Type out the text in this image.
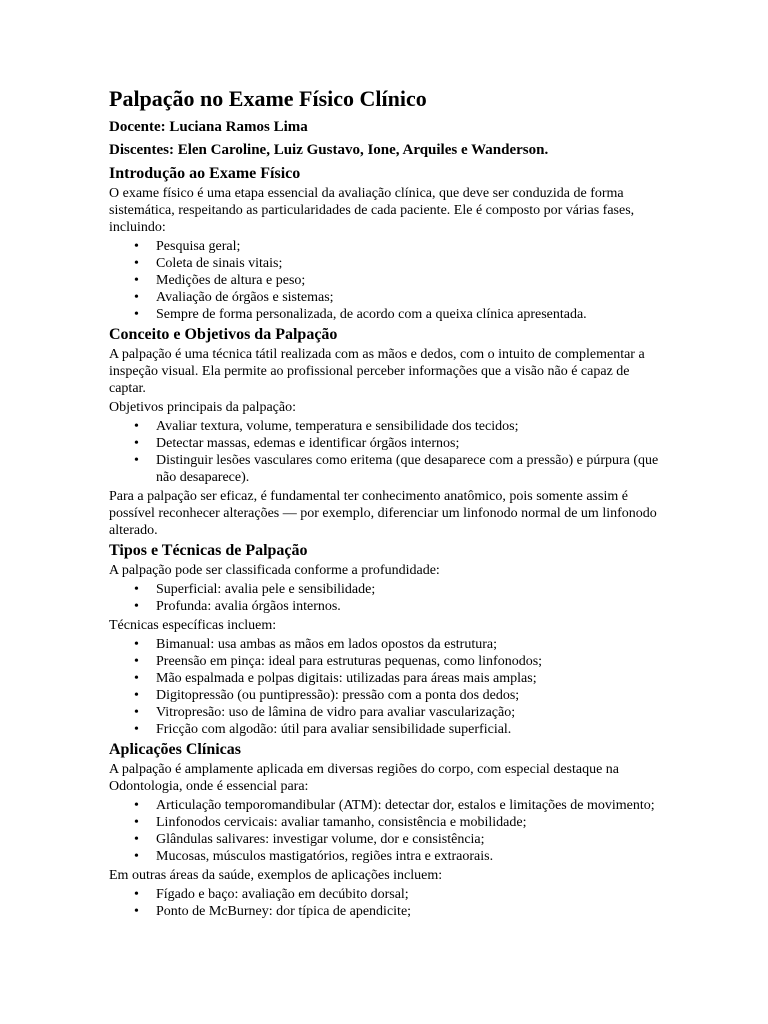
Palpação no Exame Físico Clínico
Docente: Luciana Ramos Lima
Discentes: Elen Caroline, Luiz Gustavo, Ione, Arquiles e Wanderson.
Introdução ao Exame Físico

O exame físico é uma etapa essencial da avaliação clínica, que deve ser conduzida de forma sistemática, respeitando as particularidades de cada paciente. Ele é composto por várias fases, incluindo:

• Pesquisa geral;
• Coleta de sinais vitais;
• Medições de altura e peso;
• Avaliação de órgãos e sistemas;
• Sempre de forma personalizada, de acordo com a queixa clínica apresentada.
Conceito e Objetivos da Palpação

A palpação é uma técnica tátil realizada com as mãos e dedos, com o intuito de complementar a inspeção visual. Ela permite ao profissional perceber informações que a visão não é capaz de captar.

Objetivos principais da palpação:

• Avaliar textura, volume, temperatura e sensibilidade dos tecidos;
• Detectar massas, edemas e identificar órgãos internos;
• Distinguir lesões vasculares como eritema (que desaparece com a pressão) e púrpura (que não desaparece).

Para a palpação ser eficaz, é fundamental ter conhecimento anatômico, pois somente assim é possível reconhecer alterações — por exemplo, diferenciar um linfonodo normal de um linfonodo alterado.

Tipos e Técnicas de Palpação

A palpação pode ser classificada conforme a profundidade:

• Superficial: avalia pele e sensibilidade;
• Profunda: avalia órgãos internos.

Técnicas específicas incluem:

• Bimanual: usa ambas as mãos em lados opostos da estrutura;
• Preensão em pinça: ideal para estruturas pequenas, como linfonodos;
• Mão espalmada e polpas digitais: utilizadas para áreas mais amplas;
• Digitopressão (ou puntipressão): pressão com a ponta dos dedos;
• Vitropresão: uso de lâmina de vidro para avaliar vascularização;
• Fricção com algodão: útil para avaliar sensibilidade superficial.
Aplicações Clínicas

A palpação é amplamente aplicada em diversas regiões do corpo, com especial destaque na Odontologia, onde é essencial para:

• Articulação temporomandibular (ATM): detectar dor, estalos e limitações de movimento;
• Linfonodos cervicais: avaliar tamanho, consistência e mobilidade;
• Glândulas salivares: investigar volume, dor e consistência;
• Mucosas, músculos mastigatórios, regiões intra e extraorais.

Em outras áreas da saúde, exemplos de aplicações incluem:

• Fígado e baço: avaliação em decúbito dorsal;
• Ponto de McBurney: dor típica de apendicite;
